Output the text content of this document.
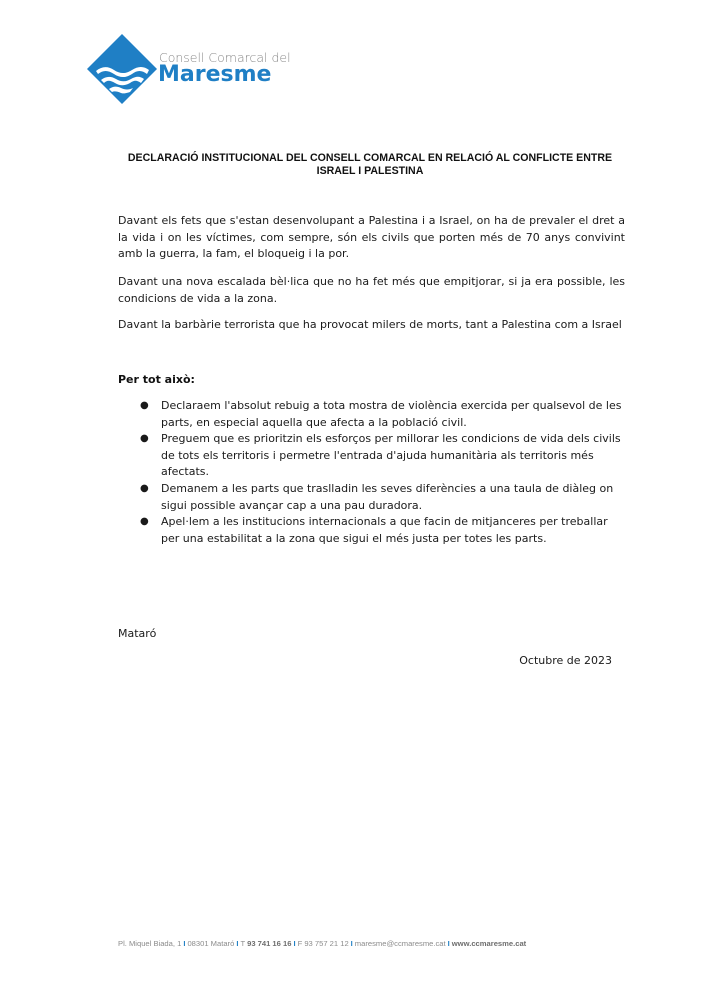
Consell Comarcal del
Maresme
DECLARACIÓ INSTITUCIONAL DEL CONSELL COMARCAL EN RELACIÓ AL CONFLICTE ENTRE
ISRAEL I PALESTINA

Davant els fets que s'estan desenvolupant a Palestina i a Israel, on ha de prevaler el dret a la vida i on les víctimes, com sempre, són els civils que porten més de 70 anys convivint amb la guerra, la fam, el bloqueig i la por.

Davant una nova escalada bèl·lica que no ha fet més que empitjorar, si ja era possible, les condicions de vida a la zona.

Davant la barbàrie terrorista que ha provocat milers de morts, tant a Palestina com a Israel

Per tot això:
● Declaraem l'absolut rebuig a tota mostra de violència exercida per qualsevol de les parts, en especial aquella que afecta a la població civil.
● Preguem que es prioritzin els esforços per millorar les condicions de vida dels civils de tots els territoris i permetre l'entrada d'ajuda humanitària als territoris més afectats.
● Demanem a les parts que traslladin les seves diferències a una taula de diàleg on sigui possible avançar cap a una pau duradora.
● Apel·lem a les institucions internacionals a que facin de mitjanceres per treballar per una estabilitat a la zona que sigui el més justa per totes les parts.
Mataró
Octubre de 2023
Pl. Miquel Biada, 1 I 08301 Mataró I T 93 741 16 16 I F 93 757 21 12 I maresme@ccmaresme.cat I www.ccmaresme.cat
